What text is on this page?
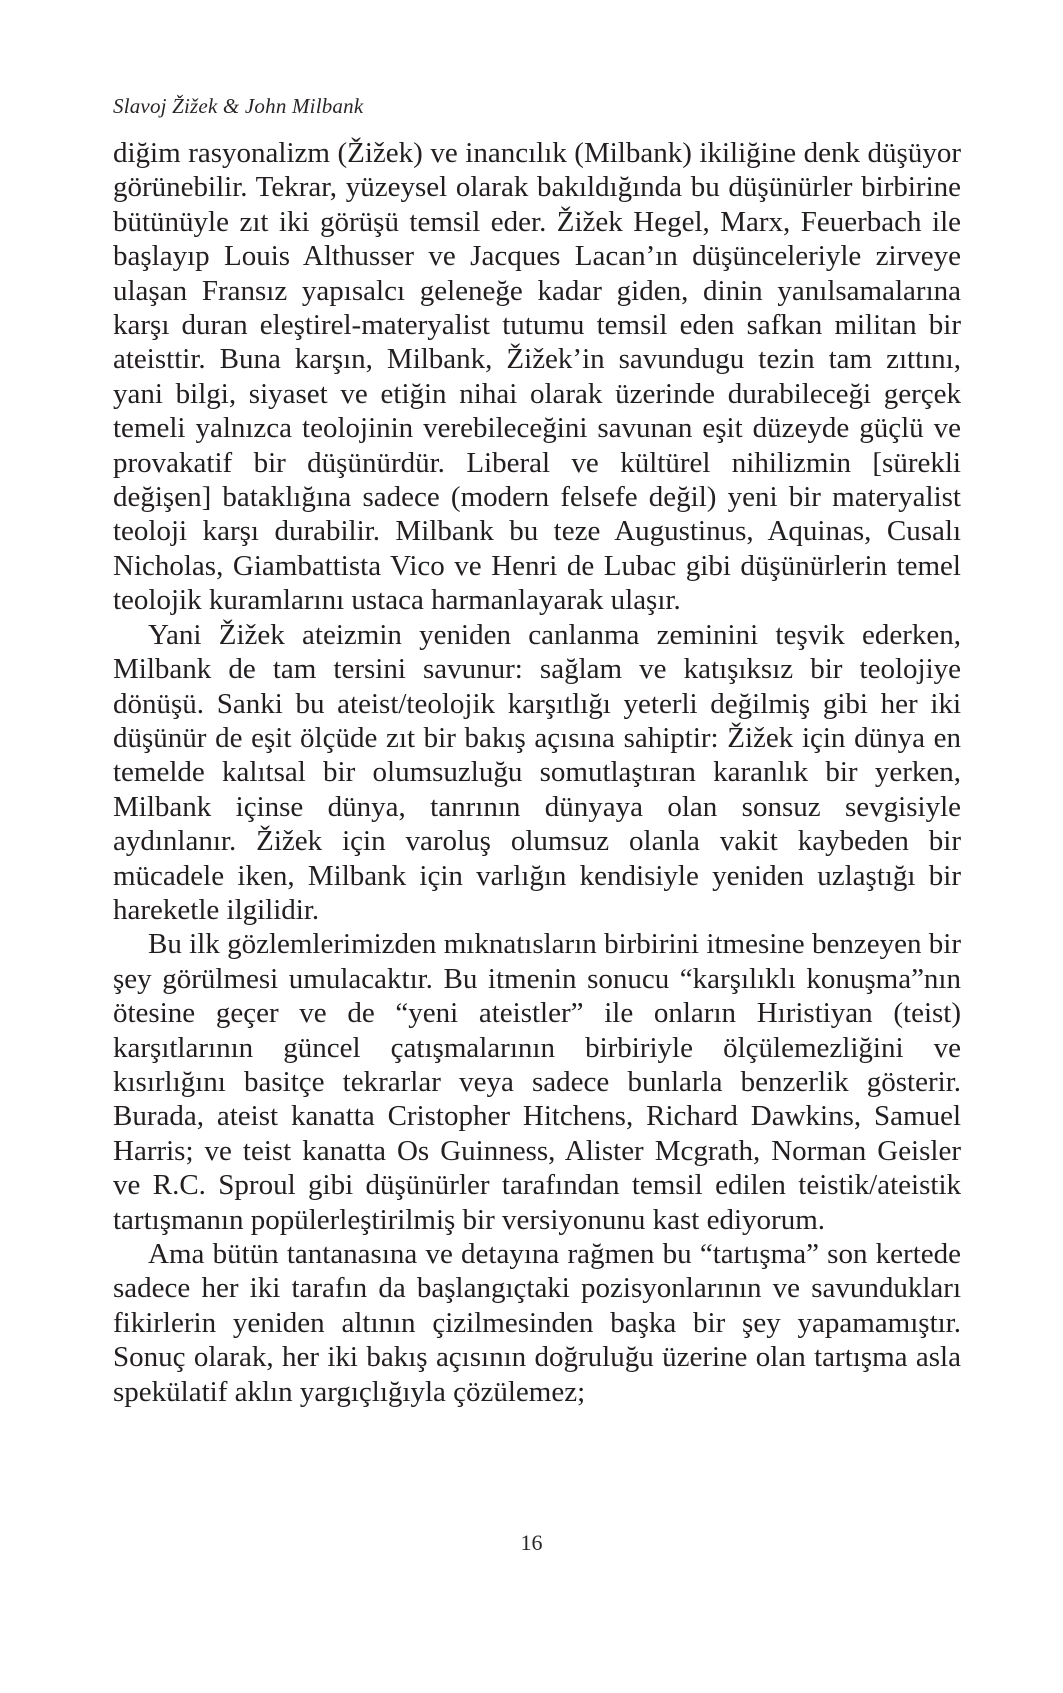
Slavoj Žižek & John Milbank

diğim rasyonalizm (Žižek) ve inancılık (Milbank) ikiliğine denk düşüyor görünebilir. Tekrar, yüzeysel olarak bakıldığında bu düşünürler birbirine bütünüyle zıt iki görüşü temsil eder. Žižek Hegel, Marx, Feuerbach ile başlayıp Louis Althusser ve Jacques Lacan’ın düşünceleriyle zirveye ulaşan Fransız yapısalcı geleneğe kadar giden, dinin yanılsamalarına karşı duran eleştirel-materyalist tutumu temsil eden safkan militan bir ateisttir. Buna karşın, Milbank, Žižek’in savundugu tezin tam zıttını, yani bilgi, siyaset ve etiğin nihai olarak üzerinde durabileceği gerçek temeli yalnızca teolojinin verebileceğini savunan eşit düzeyde güçlü ve provakatif bir düşünürdür. Liberal ve kültürel nihilizmin [sürekli değişen] bataklığına sadece (modern felsefe değil) yeni bir materyalist teoloji karşı durabilir. Milbank bu teze Augustinus, Aquinas, Cusalı Nicholas, Giambattista Vico ve Henri de Lubac gibi düşünürlerin temel teolojik kuramlarını ustaca harmanlayarak ulaşır.

Yani Žižek ateizmin yeniden canlanma zeminini teşvik ederken, Milbank de tam tersini savunur: sağlam ve katışıksız bir teolojiye dönüşü. Sanki bu ateist/teolojik karşıtlığı yeterli değilmiş gibi her iki düşünür de eşit ölçüde zıt bir bakış açısına sahiptir: Žižek için dünya en temelde kalıtsal bir olumsuzluğu somutlaştıran karanlık bir yerken, Milbank içinse dünya, tanrının dünyaya olan sonsuz sevgisiyle aydınlanır. Žižek için varoluş olumsuz olanla vakit kaybeden bir mücadele iken, Milbank için varlığın kendisiyle yeniden uzlaştığı bir hareketle ilgilidir.

Bu ilk gözlemlerimizden mıknatısların birbirini itmesine benzeyen bir şey görülmesi umulacaktır. Bu itmenin sonucu “karşılıklı konuşma”nın ötesine geçer ve de “yeni ateistler” ile onların Hıristiyan (teist) karşıtlarının güncel çatışmalarının birbiriyle ölçülemezliğini ve kısırlığını basitçe tekrarlar veya sadece bunlarla benzerlik gösterir. Burada, ateist kanatta Cristopher Hitchens, Richard Dawkins, Samuel Harris; ve teist kanatta Os Guinness, Alister Mcgrath, Norman Geisler ve R.C. Sproul gibi düşünürler tarafından temsil edilen teistik/ateistik tartışmanın popülerleştirilmiş bir versiyonunu kast ediyorum.

Ama bütün tantanasına ve detayına rağmen bu “tartışma” son kertede sadece her iki tarafın da başlangıçtaki pozisyonlarının ve savundukları fikirlerin yeniden altının çizilmesinden başka bir şey yapamamıştır. Sonuç olarak, her iki bakış açısının doğruluğu üzerine olan tartışma asla spekülatif aklın yargıçlığıyla çözülemez;

16
